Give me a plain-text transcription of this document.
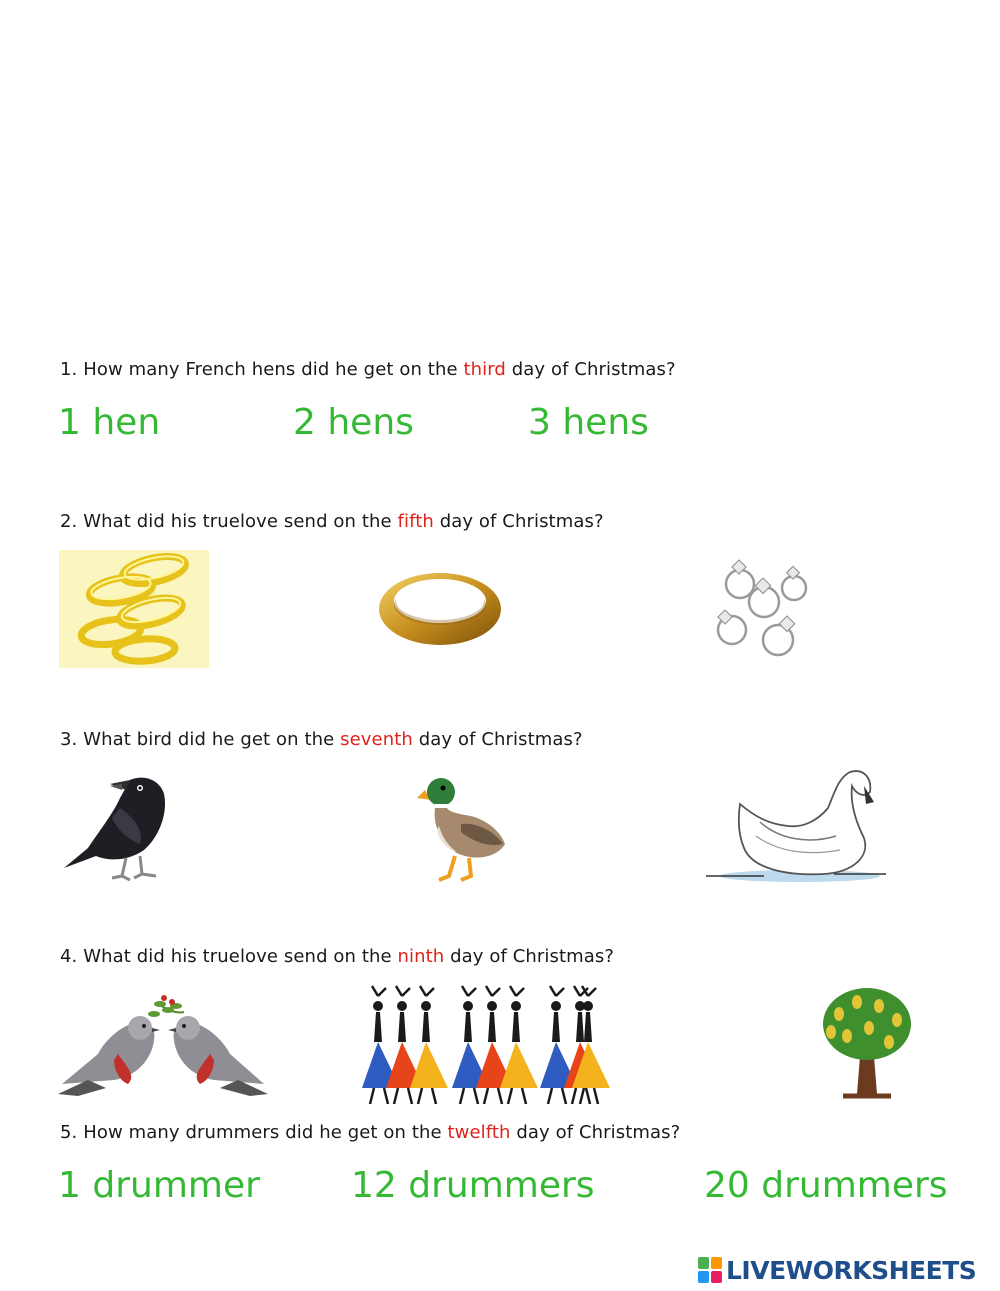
1. How many French hens did he get on the third day of Christmas?
1 hen	2 hens	3 hens
2. What did his truelove send on the fifth day of Christmas?
3. What bird did he get on the seventh day of Christmas?
4. What did his truelove send on the ninth day of Christmas?
5. How many drummers did he get on the twelfth day of Christmas?
1 drummer	12 drummers	20 drummers
LIVEWORKSHEETS
